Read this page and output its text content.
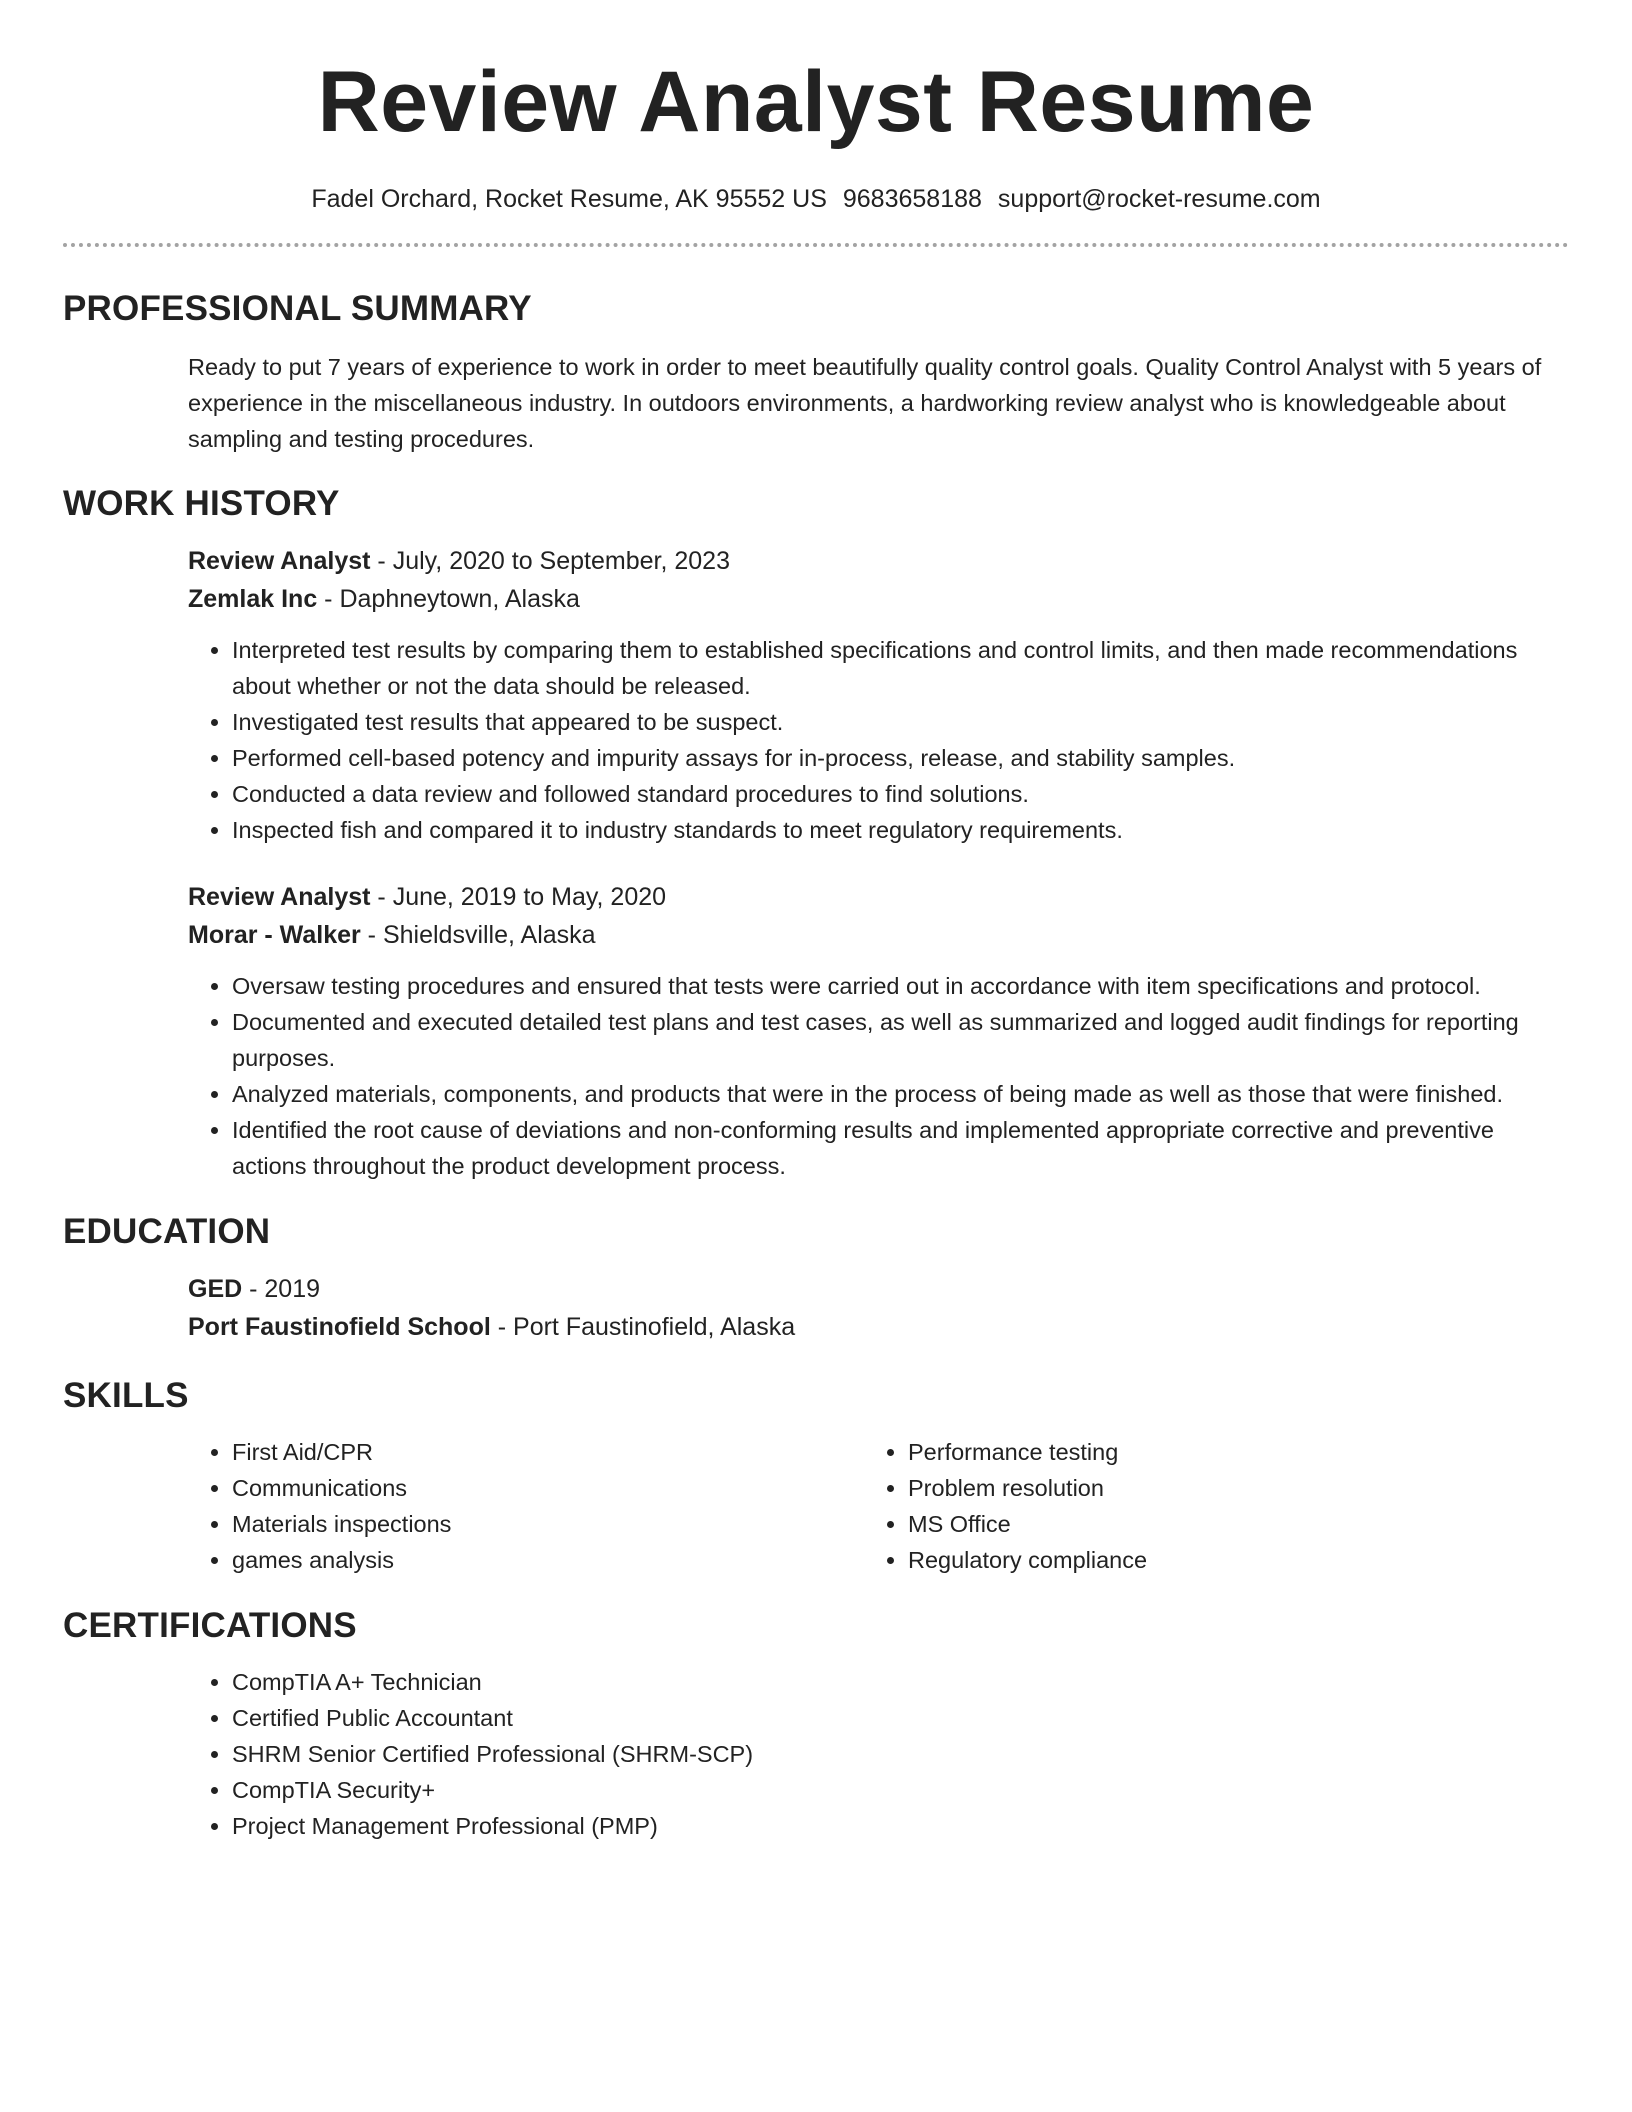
Review Analyst Resume
Fadel Orchard, Rocket Resume, AK 95552 US 9683658188 support@rocket-resume.com
PROFESSIONAL SUMMARY

Ready to put 7 years of experience to work in order to meet beautifully quality control goals. Quality Control Analyst with 5 years of experience in the miscellaneous industry. In outdoors environments, a hardworking review analyst who is knowledgeable about sampling and testing procedures.

WORK HISTORY
Review Analyst - July, 2020 to September, 2023
Zemlak Inc - Daphneytown, Alaska
• Interpreted test results by comparing them to established specifications and control limits, and then made recommendations about whether or not the data should be released.
• Investigated test results that appeared to be suspect.
• Performed cell-based potency and impurity assays for in-process, release, and stability samples.
• Conducted a data review and followed standard procedures to find solutions.
• Inspected fish and compared it to industry standards to meet regulatory requirements.
Review Analyst - June, 2019 to May, 2020
Morar - Walker - Shieldsville, Alaska
• Oversaw testing procedures and ensured that tests were carried out in accordance with item specifications and protocol.
• Documented and executed detailed test plans and test cases, as well as summarized and logged audit findings for reporting purposes.
• Analyzed materials, components, and products that were in the process of being made as well as those that were finished.
• Identified the root cause of deviations and non-conforming results and implemented appropriate corrective and preventive actions throughout the product development process.
EDUCATION
GED - 2019
Port Faustinofield School - Port Faustinofield, Alaska
SKILLS
• First Aid/CPR
• Communications
• Materials inspections
• games analysis
• Performance testing
• Problem resolution
• MS Office
• Regulatory compliance
CERTIFICATIONS
• CompTIA A+ Technician
• Certified Public Accountant
• SHRM Senior Certified Professional (SHRM-SCP)
• CompTIA Security+
• Project Management Professional (PMP)
